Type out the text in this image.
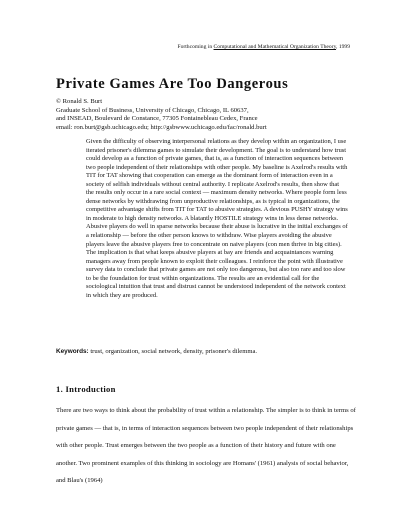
Forthcoming in Computational and Mathematical Organization Theory, 1999
Private Games Are Too Dangerous
© Ronald S. Burt
Graduate School of Business, University of Chicago, Chicago, IL 60637,
and INSEAD, Boulevard de Constance, 77305 Fontainebleau Cedex, France
email: ron.burt@gsb.uchicago.edu; http://gsbwww.uchicago.edu/fac/ronald.burt

Given the difficulty of observing interpersonal relations as they develop within an organization, I use iterated prisoner's dilemma games to simulate their development. The goal is to understand how trust could develop as a function of private games, that is, as a function of interaction sequences between two people independent of their relationships with other people. My baseline is Axelrod's results with TIT for TAT showing that cooperation can emerge as the dominant form of interaction even in a society of selfish individuals without central authority. I replicate Axelrod's results, then show that the results only occur in a rare social context — maximum density networks. Where people form less dense networks by withdrawing from unproductive relationships, as is typical in organizations, the competitive advantage shifts from TIT for TAT to abusive strategies. A devious PUSHY strategy wins in moderate to high density networks. A blatantly HOSTILE strategy wins in less dense networks. Abusive players do well in sparse networks because their abuse is lucrative in the initial exchanges of a relationship — before the other person knows to withdraw. Wise players avoiding the abusive players leave the abusive players free to concentrate on naive players (con men thrive in big cities). The implication is that what keeps abusive players at bay are friends and acquaintances warning managers away from people known to exploit their colleagues. I reinforce the point with illustrative survey data to conclude that private games are not only too dangerous, but also too rare and too slow to be the foundation for trust within organizations. The results are an evidential call for the sociological intuition that trust and distrust cannot be understood independent of the network context in which they are produced.

Keywords: trust, organization, social network, density, prisoner's dilemma.
1. Introduction

There are two ways to think about the probability of trust within a relationship. The simpler is to think in terms of private games — that is, in terms of interaction sequences between two people independent of their relationships with other people. Trust emerges between the two people as a function of their history and future with one another. Two prominent examples of this thinking in sociology are Homans' (1961) analysis of social behavior, and Blau's (1964)
